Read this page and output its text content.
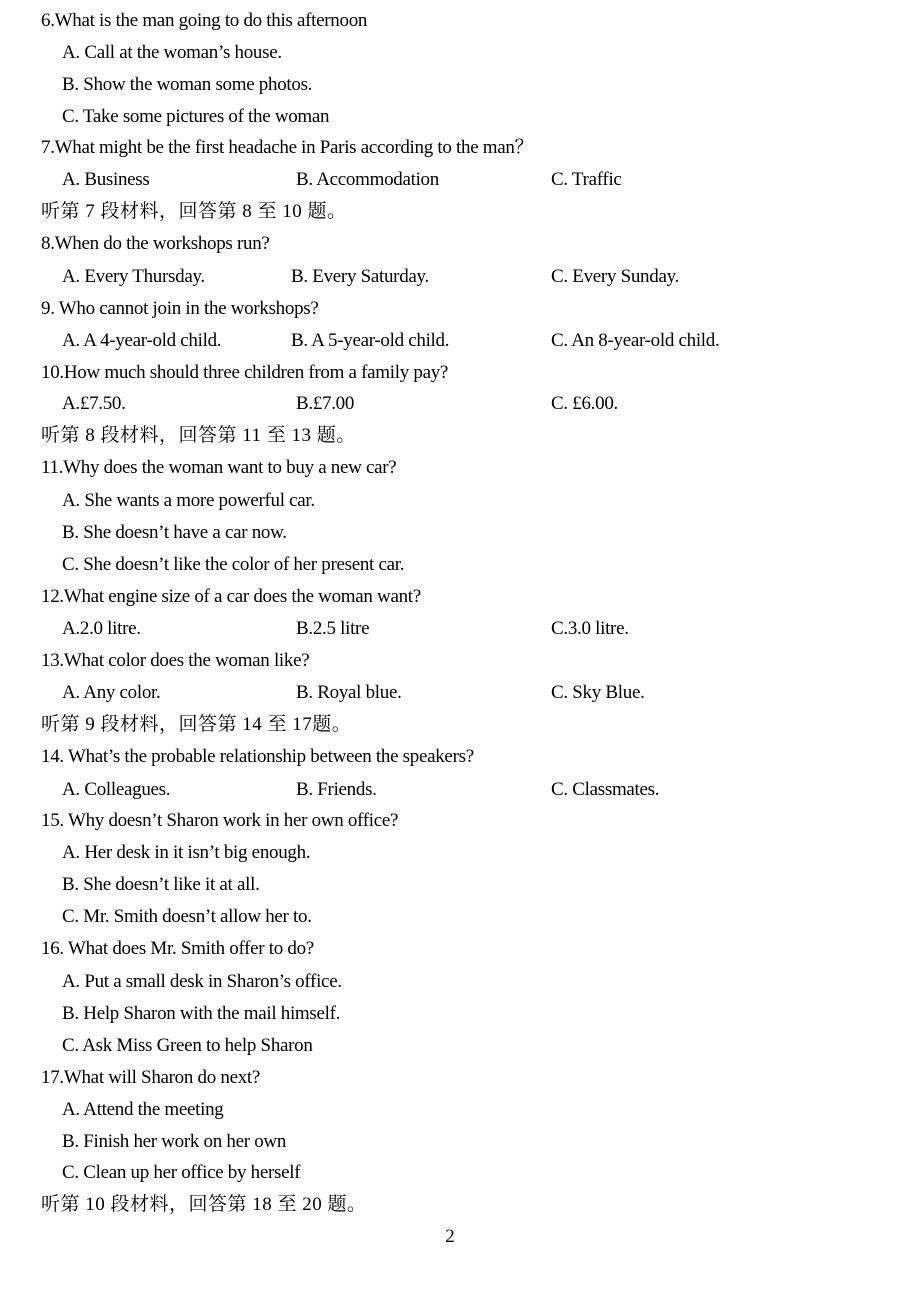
6.What is the man going to do this afternoon
A. Call at the woman’s house.
B. Show the woman some photos.
C. Take some pictures of the woman
7.What might be the first headache in Paris according to the man？
A. Business	B. Accommodation	C. Traffic
听第 7 段材料，回答第 8 至 10 题。
8.When do the workshops run?
A. Every Thursday.	B. Every Saturday.	C. Every Sunday.
9. Who cannot join in the workshops?
A. A 4-year-old child.	B. A 5-year-old child.	C. An 8-year-old child.
10.How much should three children from a family pay?
A.£7.50.	B.£7.00	C. £6.00.
听第 8 段材料，回答第 11 至 13 题。
11.Why does the woman want to buy a new car?
A. She wants a more powerful car.
B. She doesn’t have a car now.
C. She doesn’t like the color of her present car.
12.What engine size of a car does the woman want?
A.2.0 litre.	B.2.5 litre	C.3.0 litre.
13.What color does the woman like?
A. Any color.	B. Royal blue.	C. Sky Blue.
听第 9 段材料，回答第 14 至 17题。
14. What’s the probable relationship between the speakers?
A. Colleagues.	B. Friends.	C. Classmates.
15. Why doesn’t Sharon work in her own office?
A. Her desk in it isn’t big enough.
B. She doesn’t like it at all.
C. Mr. Smith doesn’t allow her to.
16. What does Mr. Smith offer to do?
A. Put a small desk in Sharon’s office.
B. Help Sharon with the mail himself.
C. Ask Miss Green to help Sharon
17.What will Sharon do next?
A. Attend the meeting
B. Finish her work on her own
C. Clean up her office by herself
听第 10 段材料，回答第 18 至 20 题。
2
